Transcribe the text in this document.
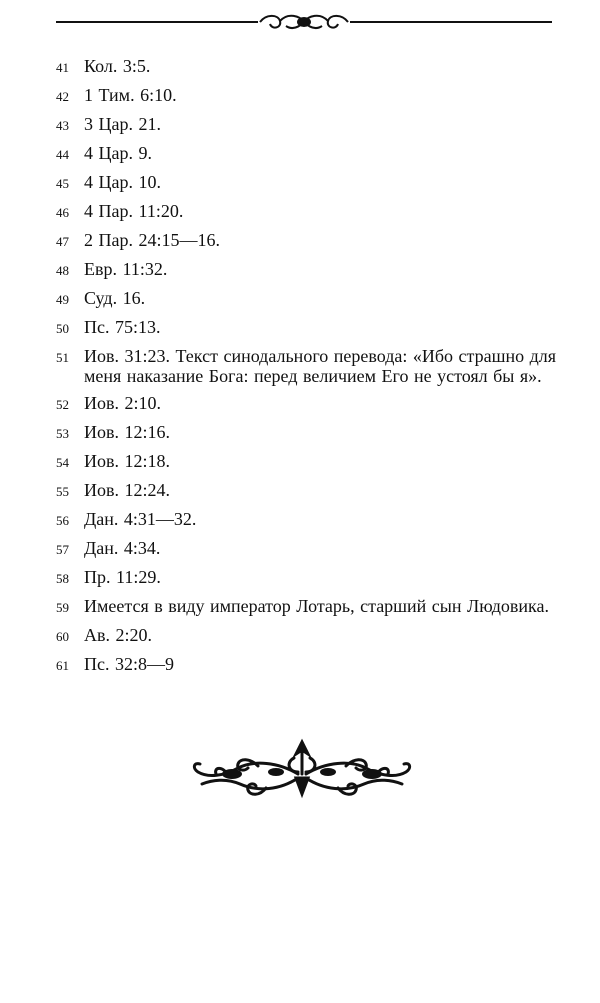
41 Кол. 3:5.
42 1 Тим. 6:10.
43 3 Цар. 21.
44 4 Цар. 9.
45 4 Цар. 10.
46 4 Пар. 11:20.
47 2 Пар. 24:15—16.
48 Евр. 11:32.
49 Суд. 16.
50 Пс. 75:13.
51 Иов. 31:23. Текст синодального перевода: «Ибо страшно для меня наказание Бога: перед величием Его не устоял бы я».
52 Иов. 2:10.
53 Иов. 12:16.
54 Иов. 12:18.
55 Иов. 12:24.
56 Дан. 4:31—32.
57 Дан. 4:34.
58 Пр. 11:29.
59 Имеется в виду император Лотарь, старший сын Людовика.
60 Ав. 2:20.
61 Пс. 32:8—9
